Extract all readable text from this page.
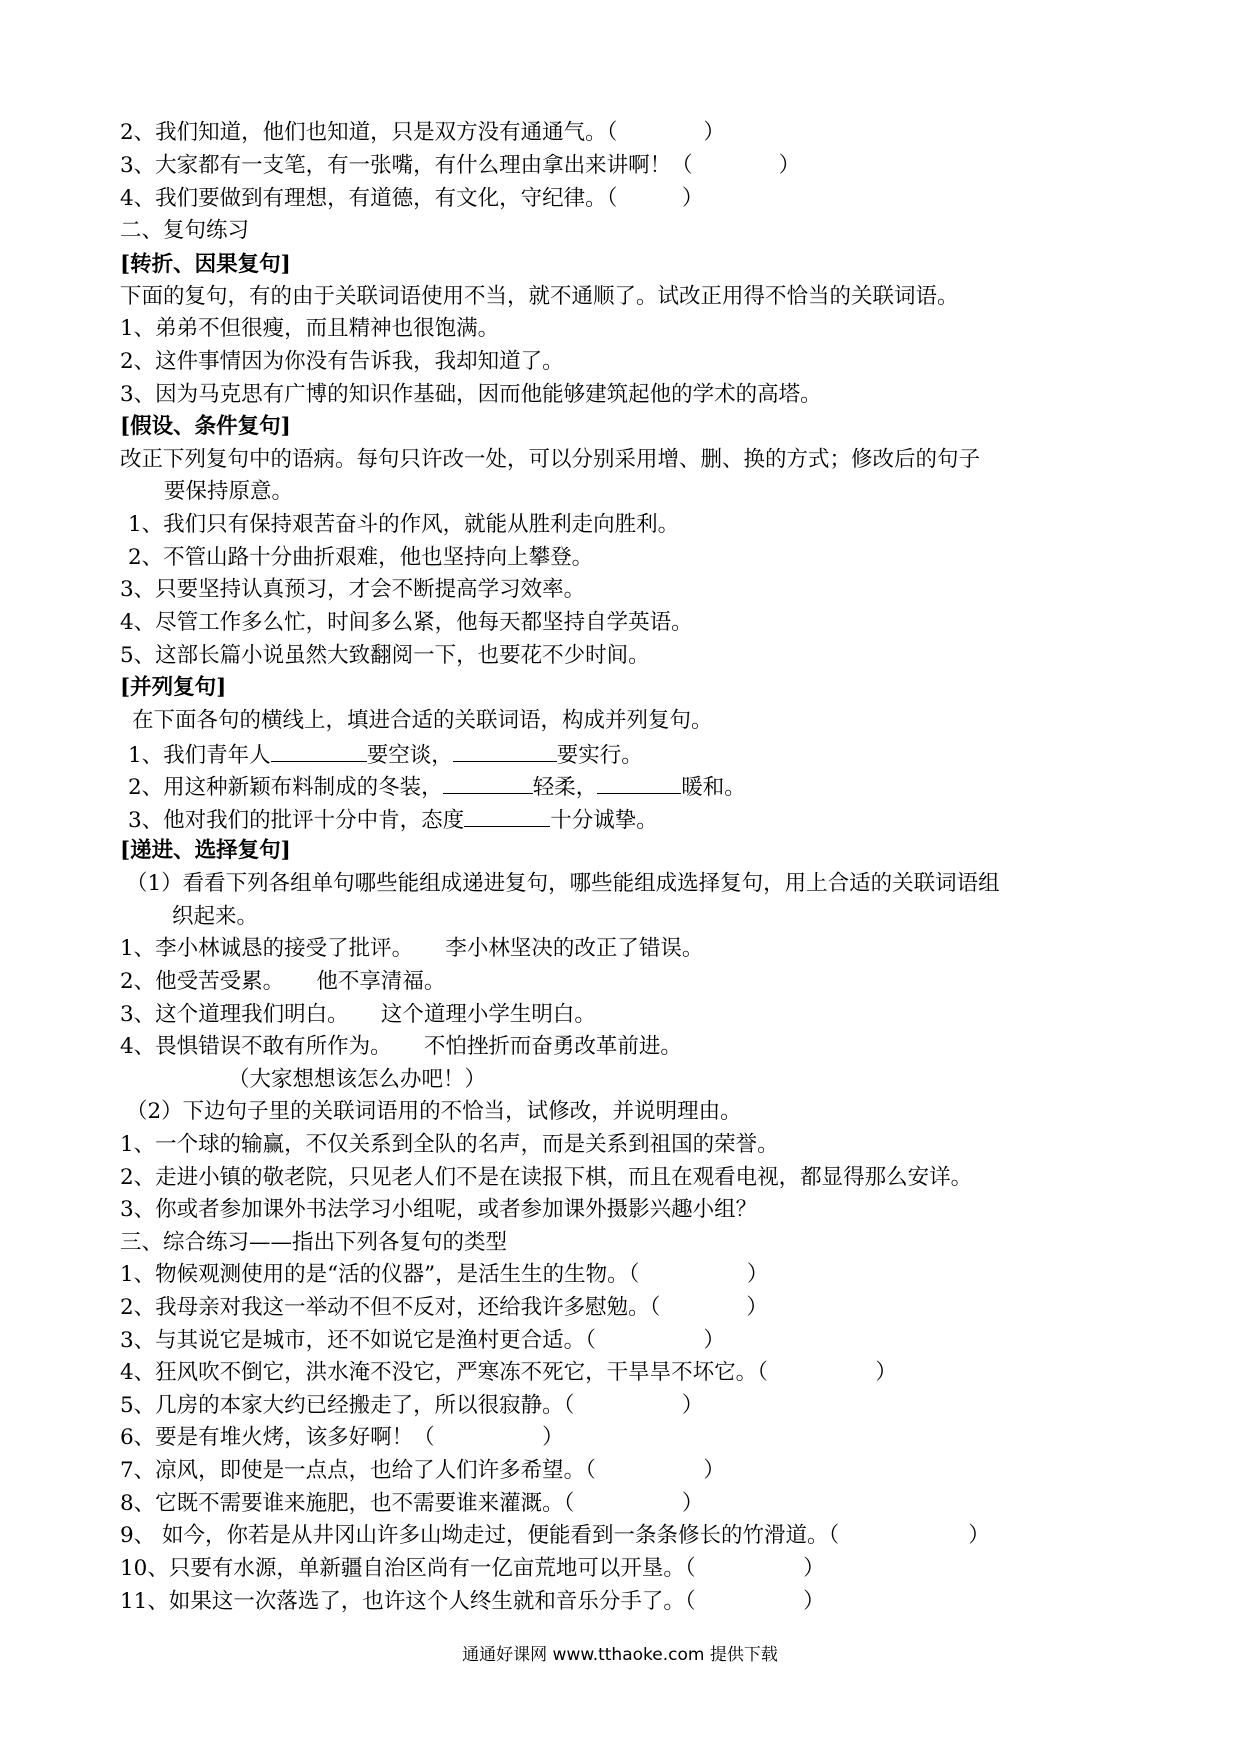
2、我们知道，他们也知道，只是双方没有通通气。（　　　　）
3、大家都有一支笔，有一张嘴，有什么理由拿出来讲啊！（　　　　）
4、我们要做到有理想，有道德，有文化，守纪律。（　　　）
二、复句练习
[转折、因果复句]
下面的复句，有的由于关联词语使用不当，就不通顺了。试改正用得不恰当的关联词语。
1、弟弟不但很瘦，而且精神也很饱满。
2、这件事情因为你没有告诉我，我却知道了。
3、因为马克思有广博的知识作基础，因而他能够建筑起他的学术的高塔。
[假设、条件复句]
改正下列复句中的语病。每句只许改一处，可以分别采用增、删、换的方式；修改后的句子
要保持原意。
1、我们只有保持艰苦奋斗的作风，就能从胜利走向胜利。
2、不管山路十分曲折艰难，他也坚持向上攀登。
3、只要坚持认真预习，才会不断提高学习效率。
4、尽管工作多么忙，时间多么紧，他每天都坚持自学英语。
5、这部长篇小说虽然大致翻阅一下，也要花不少时间。
[并列复句]
在下面各句的横线上，填进合适的关联词语，构成并列复句。
1、我们青年人	要空谈，	要实行。
2、用这种新颖布料制成的冬装，	轻柔，	暖和。
3、他对我们的批评十分中肯，态度	十分诚挚。
[递进、选择复句]
（1）看看下列各组单句哪些能组成递进复句，哪些能组成选择复句，用上合适的关联词语组
织起来。
1、李小林诚恳的接受了批评。　　李小林坚决的改正了错误。
2、他受苦受累。　　他不享清福。
3、这个道理我们明白。　　这个道理小学生明白。
4、畏惧错误不敢有所作为。　　不怕挫折而奋勇改革前进。
（大家想想该怎么办吧！）
（2）下边句子里的关联词语用的不恰当，试修改，并说明理由。
1、一个球的输赢，不仅关系到全队的名声，而是关系到祖国的荣誉。
2、走进小镇的敬老院，只见老人们不是在读报下棋，而且在观看电视，都显得那么安详。
3、你或者参加课外书法学习小组呢，或者参加课外摄影兴趣小组？
三、综合练习——指出下列各复句的类型
1、物候观测使用的是“活的仪器”，是活生生的生物。（　　　　　）
2、我母亲对我这一举动不但不反对，还给我许多慰勉。（　　　　）
3、与其说它是城市，还不如说它是渔村更合适。（　　　　　）
4、狂风吹不倒它，洪水淹不没它，严寒冻不死它，干旱旱不坏它。（　　　　　）
5、几房的本家大约已经搬走了，所以很寂静。（　　　　　）
6、要是有堆火烤，该多好啊！（　　　　　）
7、凉风，即使是一点点，也给了人们许多希望。（　　　　　）
8、它既不需要谁来施肥，也不需要谁来灌溉。（　　　　　）
9、 如今，你若是从井冈山许多山坳走过，便能看到一条条修长的竹滑道。（　　　　　　）
10、只要有水源，单新疆自治区尚有一亿亩荒地可以开垦。（　　　　　）
11、如果这一次落选了，也许这个人终生就和音乐分手了。（　　　　　）
通通好课网 www.tthaoke.com 提供下载
